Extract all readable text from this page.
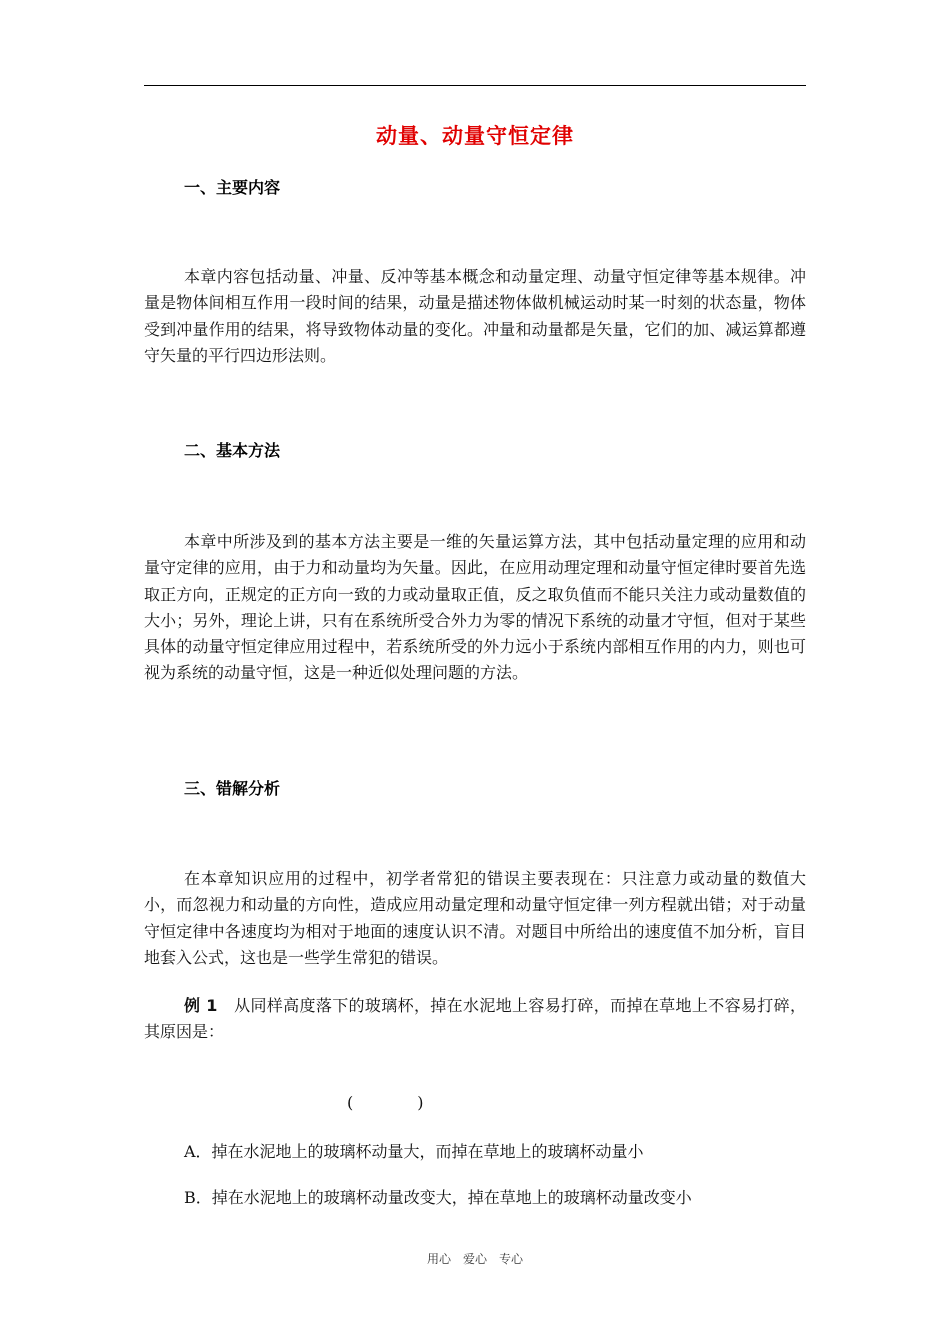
动量、动量守恒定律
一、主要内容
本章内容包括动量、冲量、反冲等基本概念和动量定理、动量守恒定律等基本规律。冲量是物体间相互作用一段时间的结果，动量是描述物体做机械运动时某一时刻的状态量，物体受到冲量作用的结果，将导致物体动量的变化。冲量和动量都是矢量，它们的加、减运算都遵守矢量的平行四边形法则。
二、基本方法
本章中所涉及到的基本方法主要是一维的矢量运算方法，其中包括动量定理的应用和动量守定律的应用，由于力和动量均为矢量。因此，在应用动理定理和动量守恒定律时要首先选取正方向，正规定的正方向一致的力或动量取正值，反之取负值而不能只关注力或动量数值的大小；另外，理论上讲，只有在系统所受合外力为零的情况下系统的动量才守恒，但对于某些具体的动量守恒定律应用过程中，若系统所受的外力远小于系统内部相互作用的内力，则也可视为系统的动量守恒，这是一种近似处理问题的方法。
三、错解分析
在本章知识应用的过程中，初学者常犯的错误主要表现在：只注意力或动量的数值大小，而忽视力和动量的方向性，造成应用动量定理和动量守恒定律一列方程就出错；对于动量守恒定律中各速度均为相对于地面的速度认识不清。对题目中所给出的速度值不加分析，盲目地套入公式，这也是一些学生常犯的错误。
例 1　从同样高度落下的玻璃杯，掉在水泥地上容易打碎，而掉在草地上不容易打碎，其原因是：
(　　　　)
A．掉在水泥地上的玻璃杯动量大，而掉在草地上的玻璃杯动量小
B．掉在水泥地上的玻璃杯动量改变大，掉在草地上的玻璃杯动量改变小
用心　爱心　专心
